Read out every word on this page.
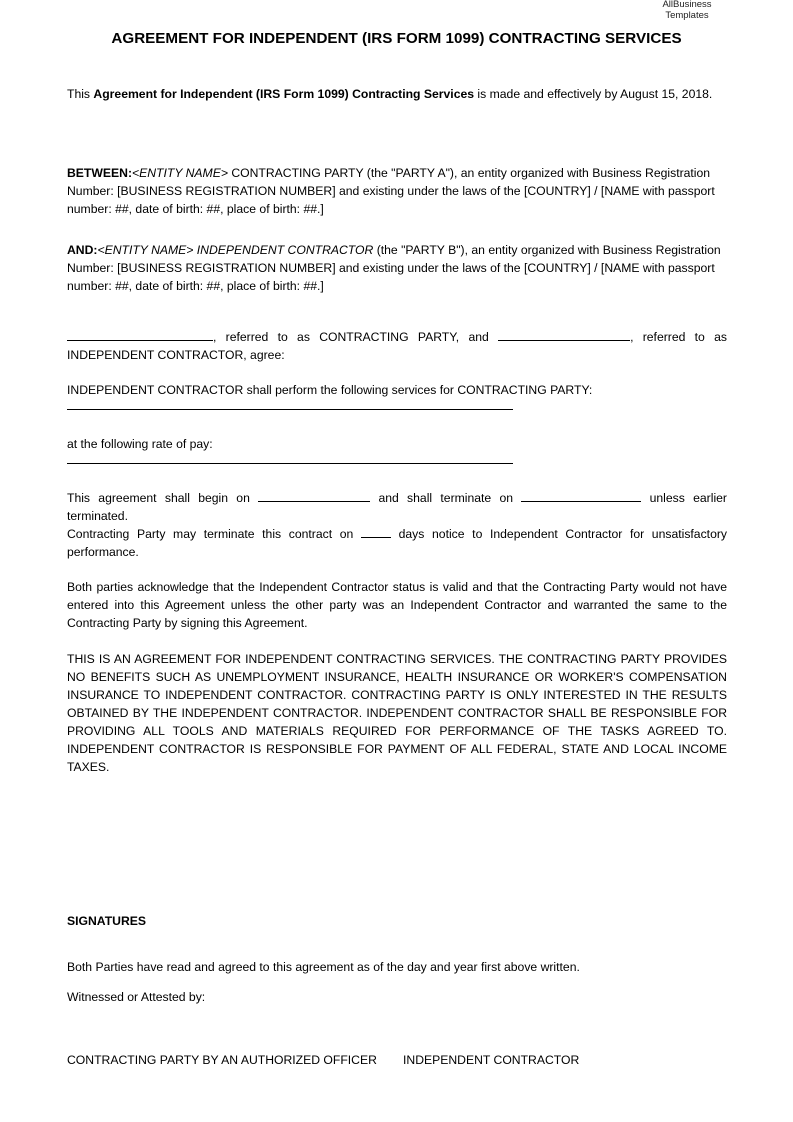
AllBusiness
Templates
AGREEMENT FOR INDEPENDENT (IRS FORM 1099) CONTRACTING SERVICES
This Agreement for Independent (IRS Form 1099) Contracting Services is made and effectively by August 15, 2018.
BETWEEN:<ENTITY NAME> CONTRACTING PARTY (the "PARTY A"), an entity organized with Business Registration Number: [BUSINESS REGISTRATION NUMBER] and existing under the laws of the [COUNTRY] / [NAME with passport number: ##, date of birth: ##, place of birth: ##.]
AND:<ENTITY NAME> INDEPENDENT CONTRACTOR (the "PARTY B"), an entity organized with Business Registration Number: [BUSINESS REGISTRATION NUMBER] and existing under the laws of the [COUNTRY] / [NAME with passport number: ##, date of birth: ##, place of birth: ##.]
, referred to as CONTRACTING PARTY, and	, referred to as INDEPENDENT CONTRACTOR, agree:
INDEPENDENT CONTRACTOR shall perform the following services for CONTRACTING PARTY:
at the following rate of pay:
This agreement shall begin on	and shall terminate on	unless earlier terminated.
Contracting Party may terminate this contract on  days notice to Independent Contractor for unsatisfactory performance.
Both parties acknowledge that the Independent Contractor status is valid and that the Contracting Party would not have entered into this Agreement unless the other party was an Independent Contractor and warranted the same to the Contracting Party by signing this Agreement.
THIS IS AN AGREEMENT FOR INDEPENDENT CONTRACTING SERVICES. THE CONTRACTING PARTY PROVIDES NO BENEFITS SUCH AS UNEMPLOYMENT INSURANCE, HEALTH INSURANCE OR WORKER'S COMPENSATION INSURANCE TO INDEPENDENT CONTRACTOR. CONTRACTING PARTY IS ONLY INTERESTED IN THE RESULTS OBTAINED BY THE INDEPENDENT CONTRACTOR. INDEPENDENT CONTRACTOR SHALL BE RESPONSIBLE FOR PROVIDING ALL TOOLS AND MATERIALS REQUIRED FOR PERFORMANCE OF THE TASKS AGREED TO. INDEPENDENT CONTRACTOR IS RESPONSIBLE FOR PAYMENT OF ALL FEDERAL, STATE AND LOCAL INCOME TAXES.
SIGNATURES
Both Parties have read and agreed to this agreement as of the day and year first above written.
Witnessed or Attested by:
CONTRACTING PARTY BY AN AUTHORIZED OFFICER INDEPENDENT CONTRACTOR
